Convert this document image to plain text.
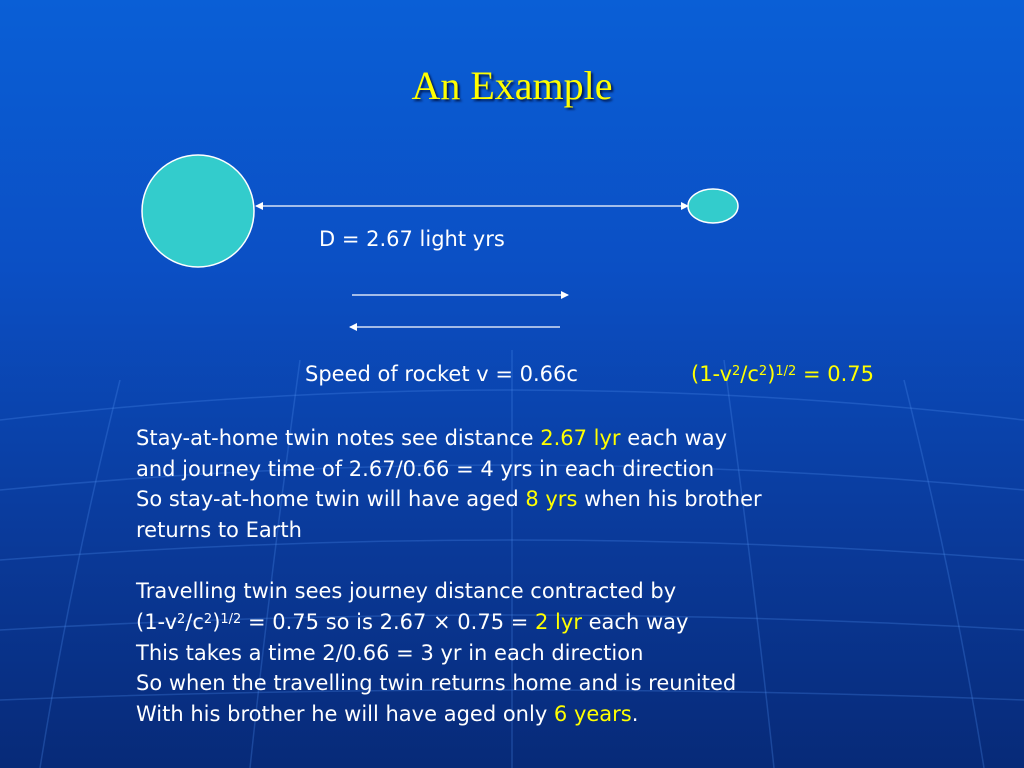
An Example
D = 2.67 light yrs
Speed of rocket v = 0.66c	$(1-v^2/c^2)^{1/2} = 0.75$
Stay-at-home twin notes see distance 2.67 lyr each way
and journey time of 2.67/0.66 = 4 yrs in each direction
So stay-at-home twin will have aged 8 yrs when his brother
returns to Earth
Travelling twin sees journey distance contracted by
$(1-v^2/c^2)^{1/2} = 0.75$ so is 2.67 × 0.75 = 2 lyr each way
This takes a time 2/0.66 = 3 yr in each direction
So when the travelling twin returns home and is reunited
With his brother he will have aged only 6 years.
